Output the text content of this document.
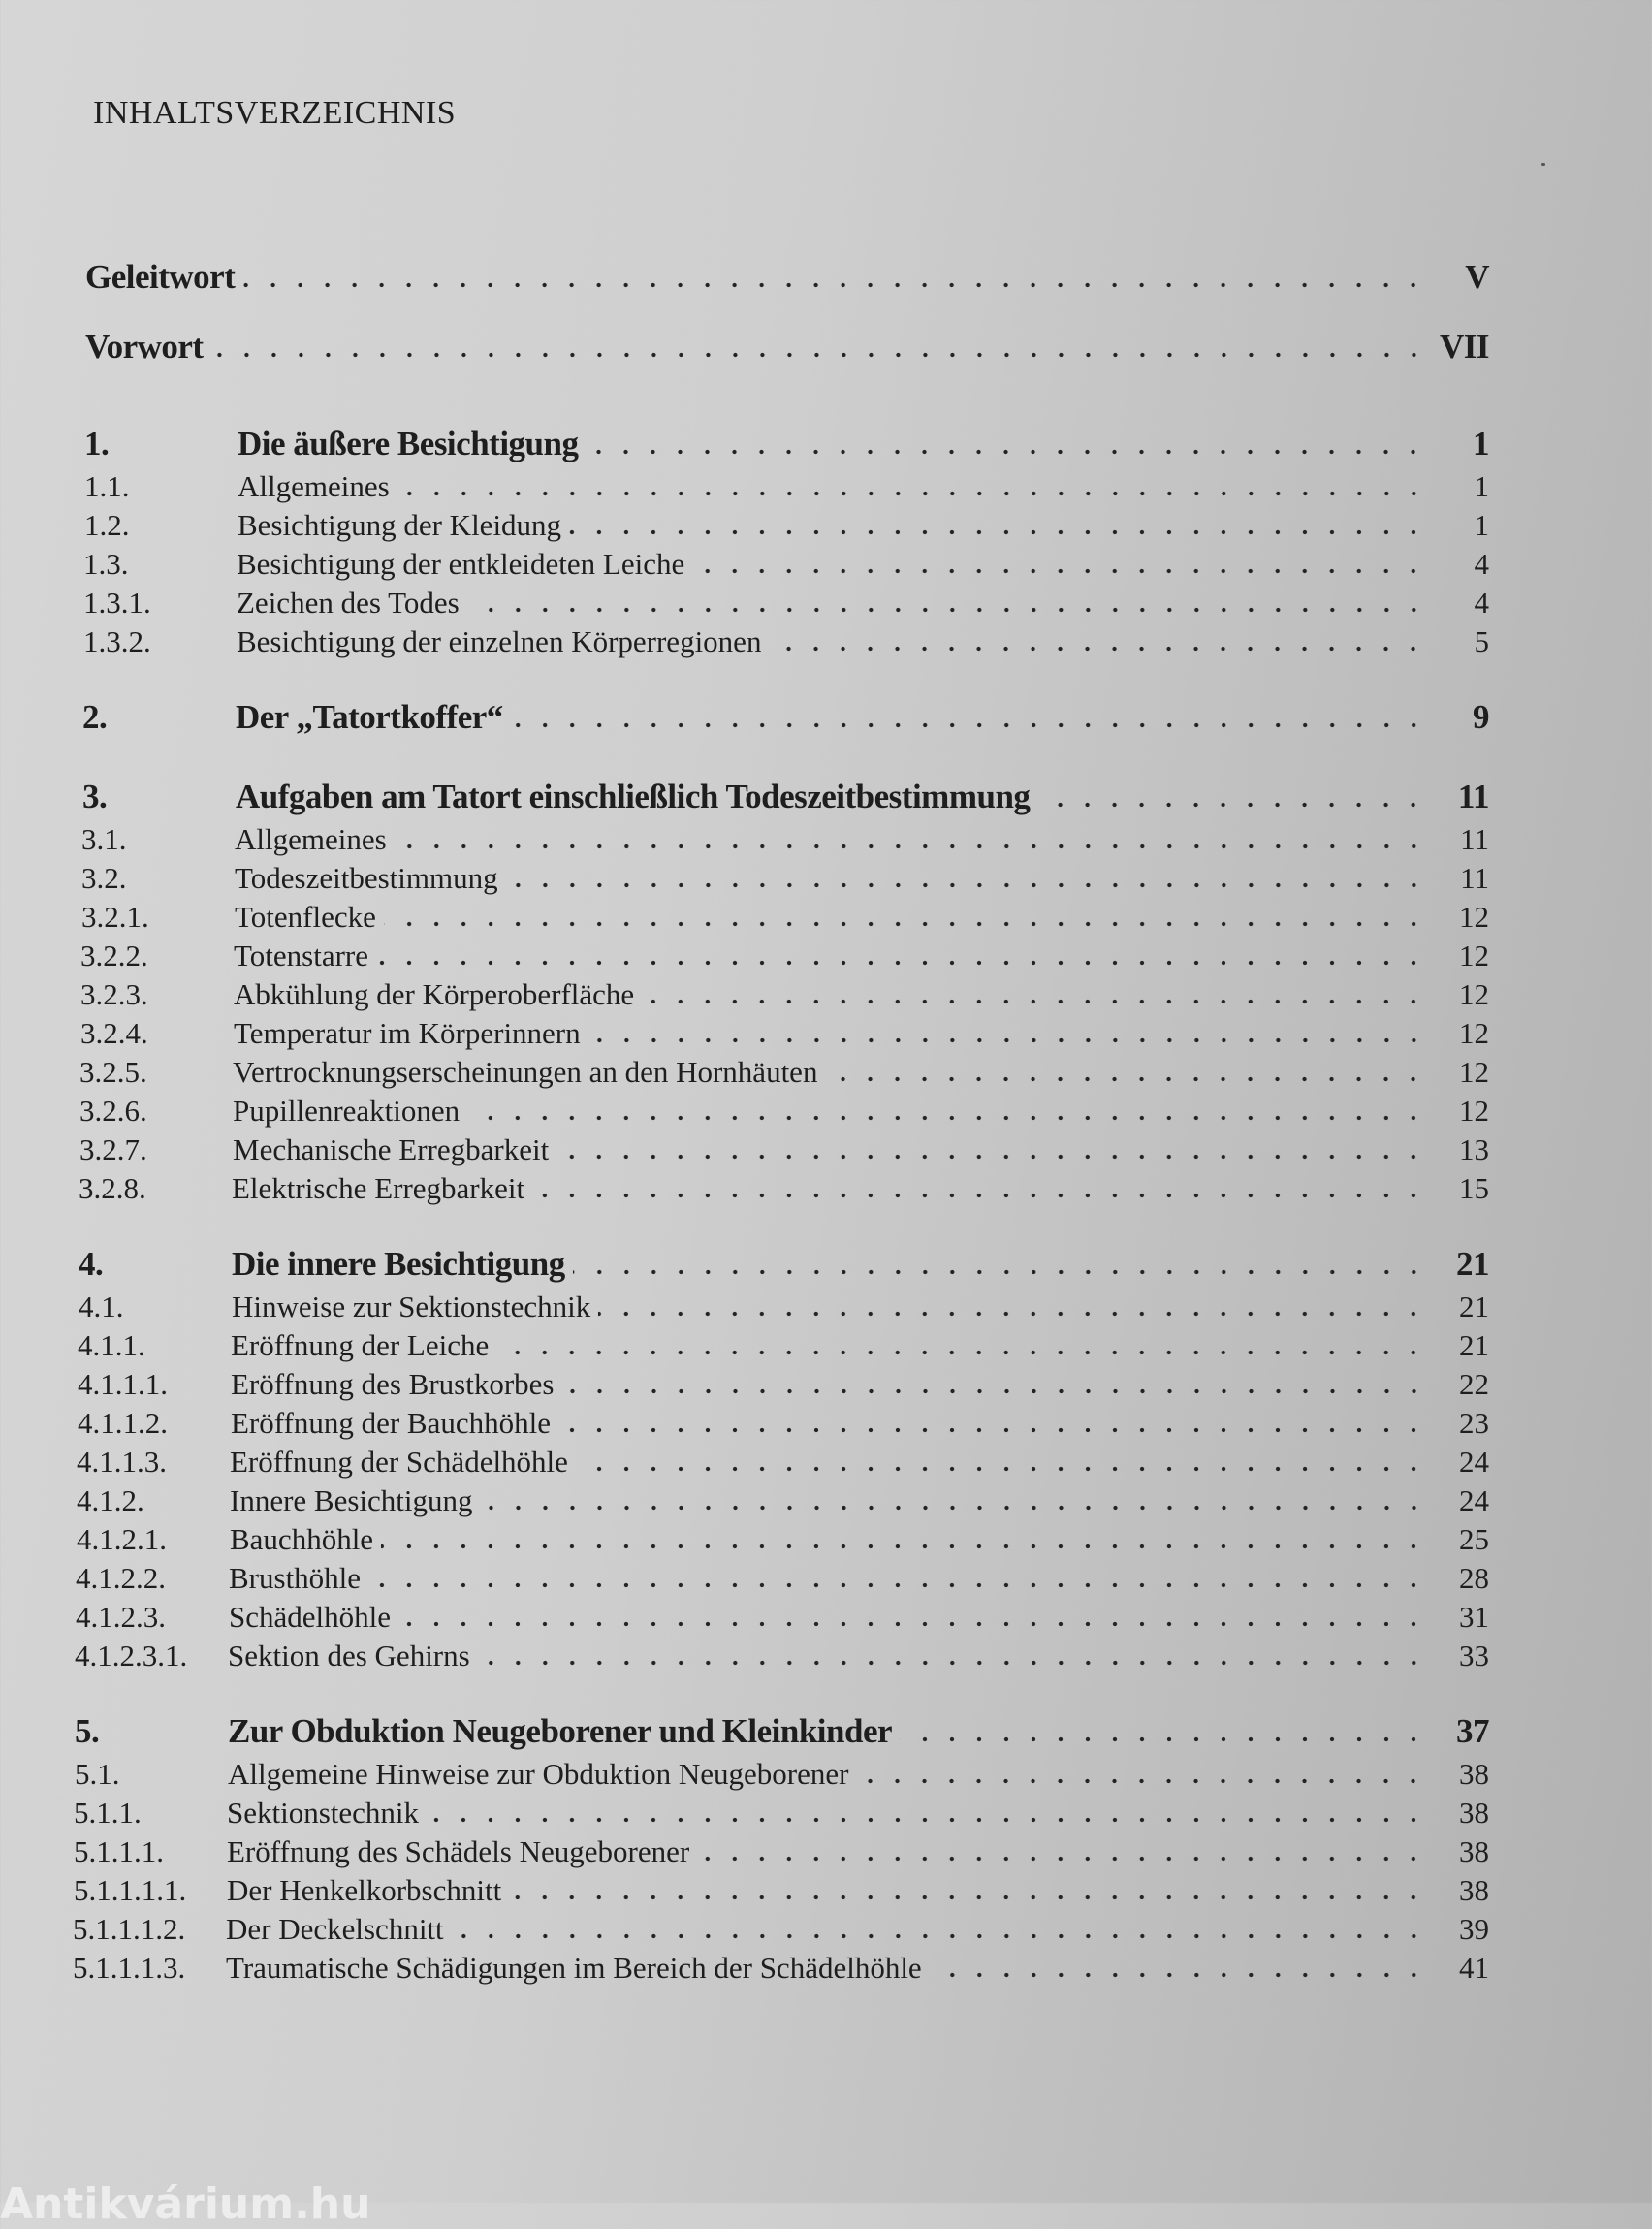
INHALTSVERZEICHNIS
Geleitwort	V
Vorwort	VII
1.	Die äußere Besichtigung	1
1.1.	Allgemeines	1
1.2.	Besichtigung der Kleidung	1
1.3.	Besichtigung der entkleideten Leiche	4
1.3.1.	Zeichen des Todes	4
1.3.2.	Besichtigung der einzelnen Körperregionen	5
2.	Der „Tatortkoffer“	9
3.	Aufgaben am Tatort einschließlich Todeszeitbestimmung	11
3.1.	Allgemeines	11
3.2.	Todeszeitbestimmung	11
3.2.1.	Totenflecke	12
3.2.2.	Totenstarre	12
3.2.3.	Abkühlung der Körperoberfläche	12
3.2.4.	Temperatur im Körperinnern	12
3.2.5.	Vertrocknungserscheinungen an den Hornhäuten	12
3.2.6.	Pupillenreaktionen	12
3.2.7.	Mechanische Erregbarkeit	13
3.2.8.	Elektrische Erregbarkeit	15
4.	Die innere Besichtigung	21
4.1.	Hinweise zur Sektionstechnik	21
4.1.1.	Eröffnung der Leiche	21
4.1.1.1.	Eröffnung des Brustkorbes	22
4.1.1.2.	Eröffnung der Bauchhöhle	23
4.1.1.3.	Eröffnung der Schädelhöhle	24
4.1.2.	Innere Besichtigung	24
4.1.2.1.	Bauchhöhle	25
4.1.2.2.	Brusthöhle	28
4.1.2.3.	Schädelhöhle	31
4.1.2.3.1.	Sektion des Gehirns	33
5.	Zur Obduktion Neugeborener und Kleinkinder	37
5.1.	Allgemeine Hinweise zur Obduktion Neugeborener	38
5.1.1.	Sektionstechnik	38
5.1.1.1.	Eröffnung des Schädels Neugeborener	38
5.1.1.1.1.	Der Henkelkorbschnitt	38
5.1.1.1.2.	Der Deckelschnitt	39
5.1.1.1.3.	Traumatische Schädigungen im Bereich der Schädelhöhle	41
Antikvárium.hu
